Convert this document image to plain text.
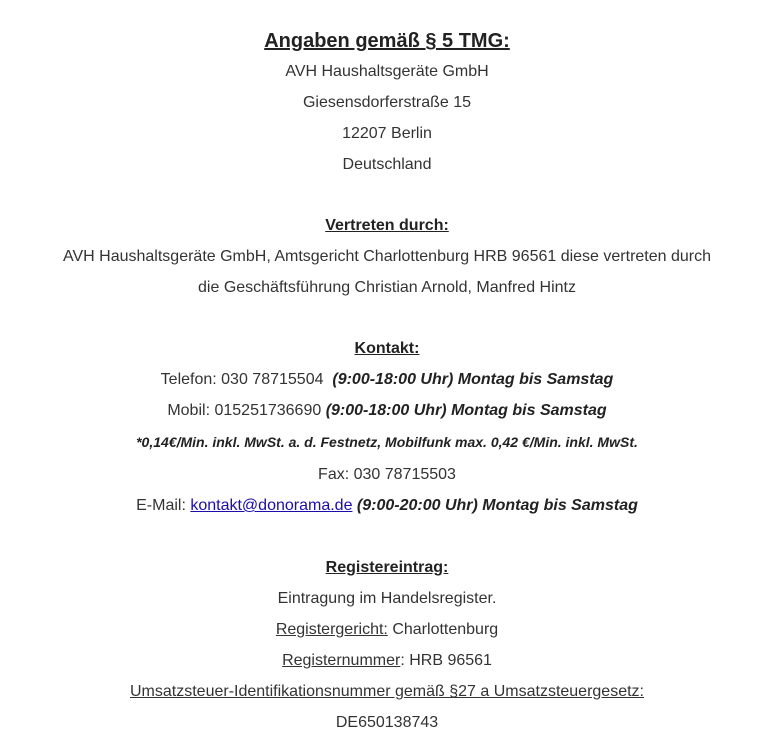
Angaben gemäß § 5 TMG:
AVH Haushaltsgeräte GmbH
Giesensdorferstraße 15
12207 Berlin
Deutschland
Vertreten durch:
AVH Haushaltsgeräte GmbH, Amtsgericht Charlottenburg HRB 96561 diese vertreten durch
die Geschäftsführung Christian Arnold, Manfred Hintz
Kontakt:
Telefon: 030 78715504 (9:00-18:00 Uhr) Montag bis Samstag
Mobil: 015251736690 (9:00-18:00 Uhr) Montag bis Samstag
*0,14€/Min. inkl. MwSt. a. d. Festnetz, Mobilfunk max. 0,42 €/Min. inkl. MwSt.
Fax: 030 78715503
E-Mail: kontakt@donorama.de (9:00-20:00 Uhr) Montag bis Samstag
Registereintrag:
Eintragung im Handelsregister.
Registergericht: Charlottenburg
Registernummer: HRB 96561
Umsatzsteuer-Identifikationsnummer gemäß §27 a Umsatzsteuergesetz:
DE650138743
